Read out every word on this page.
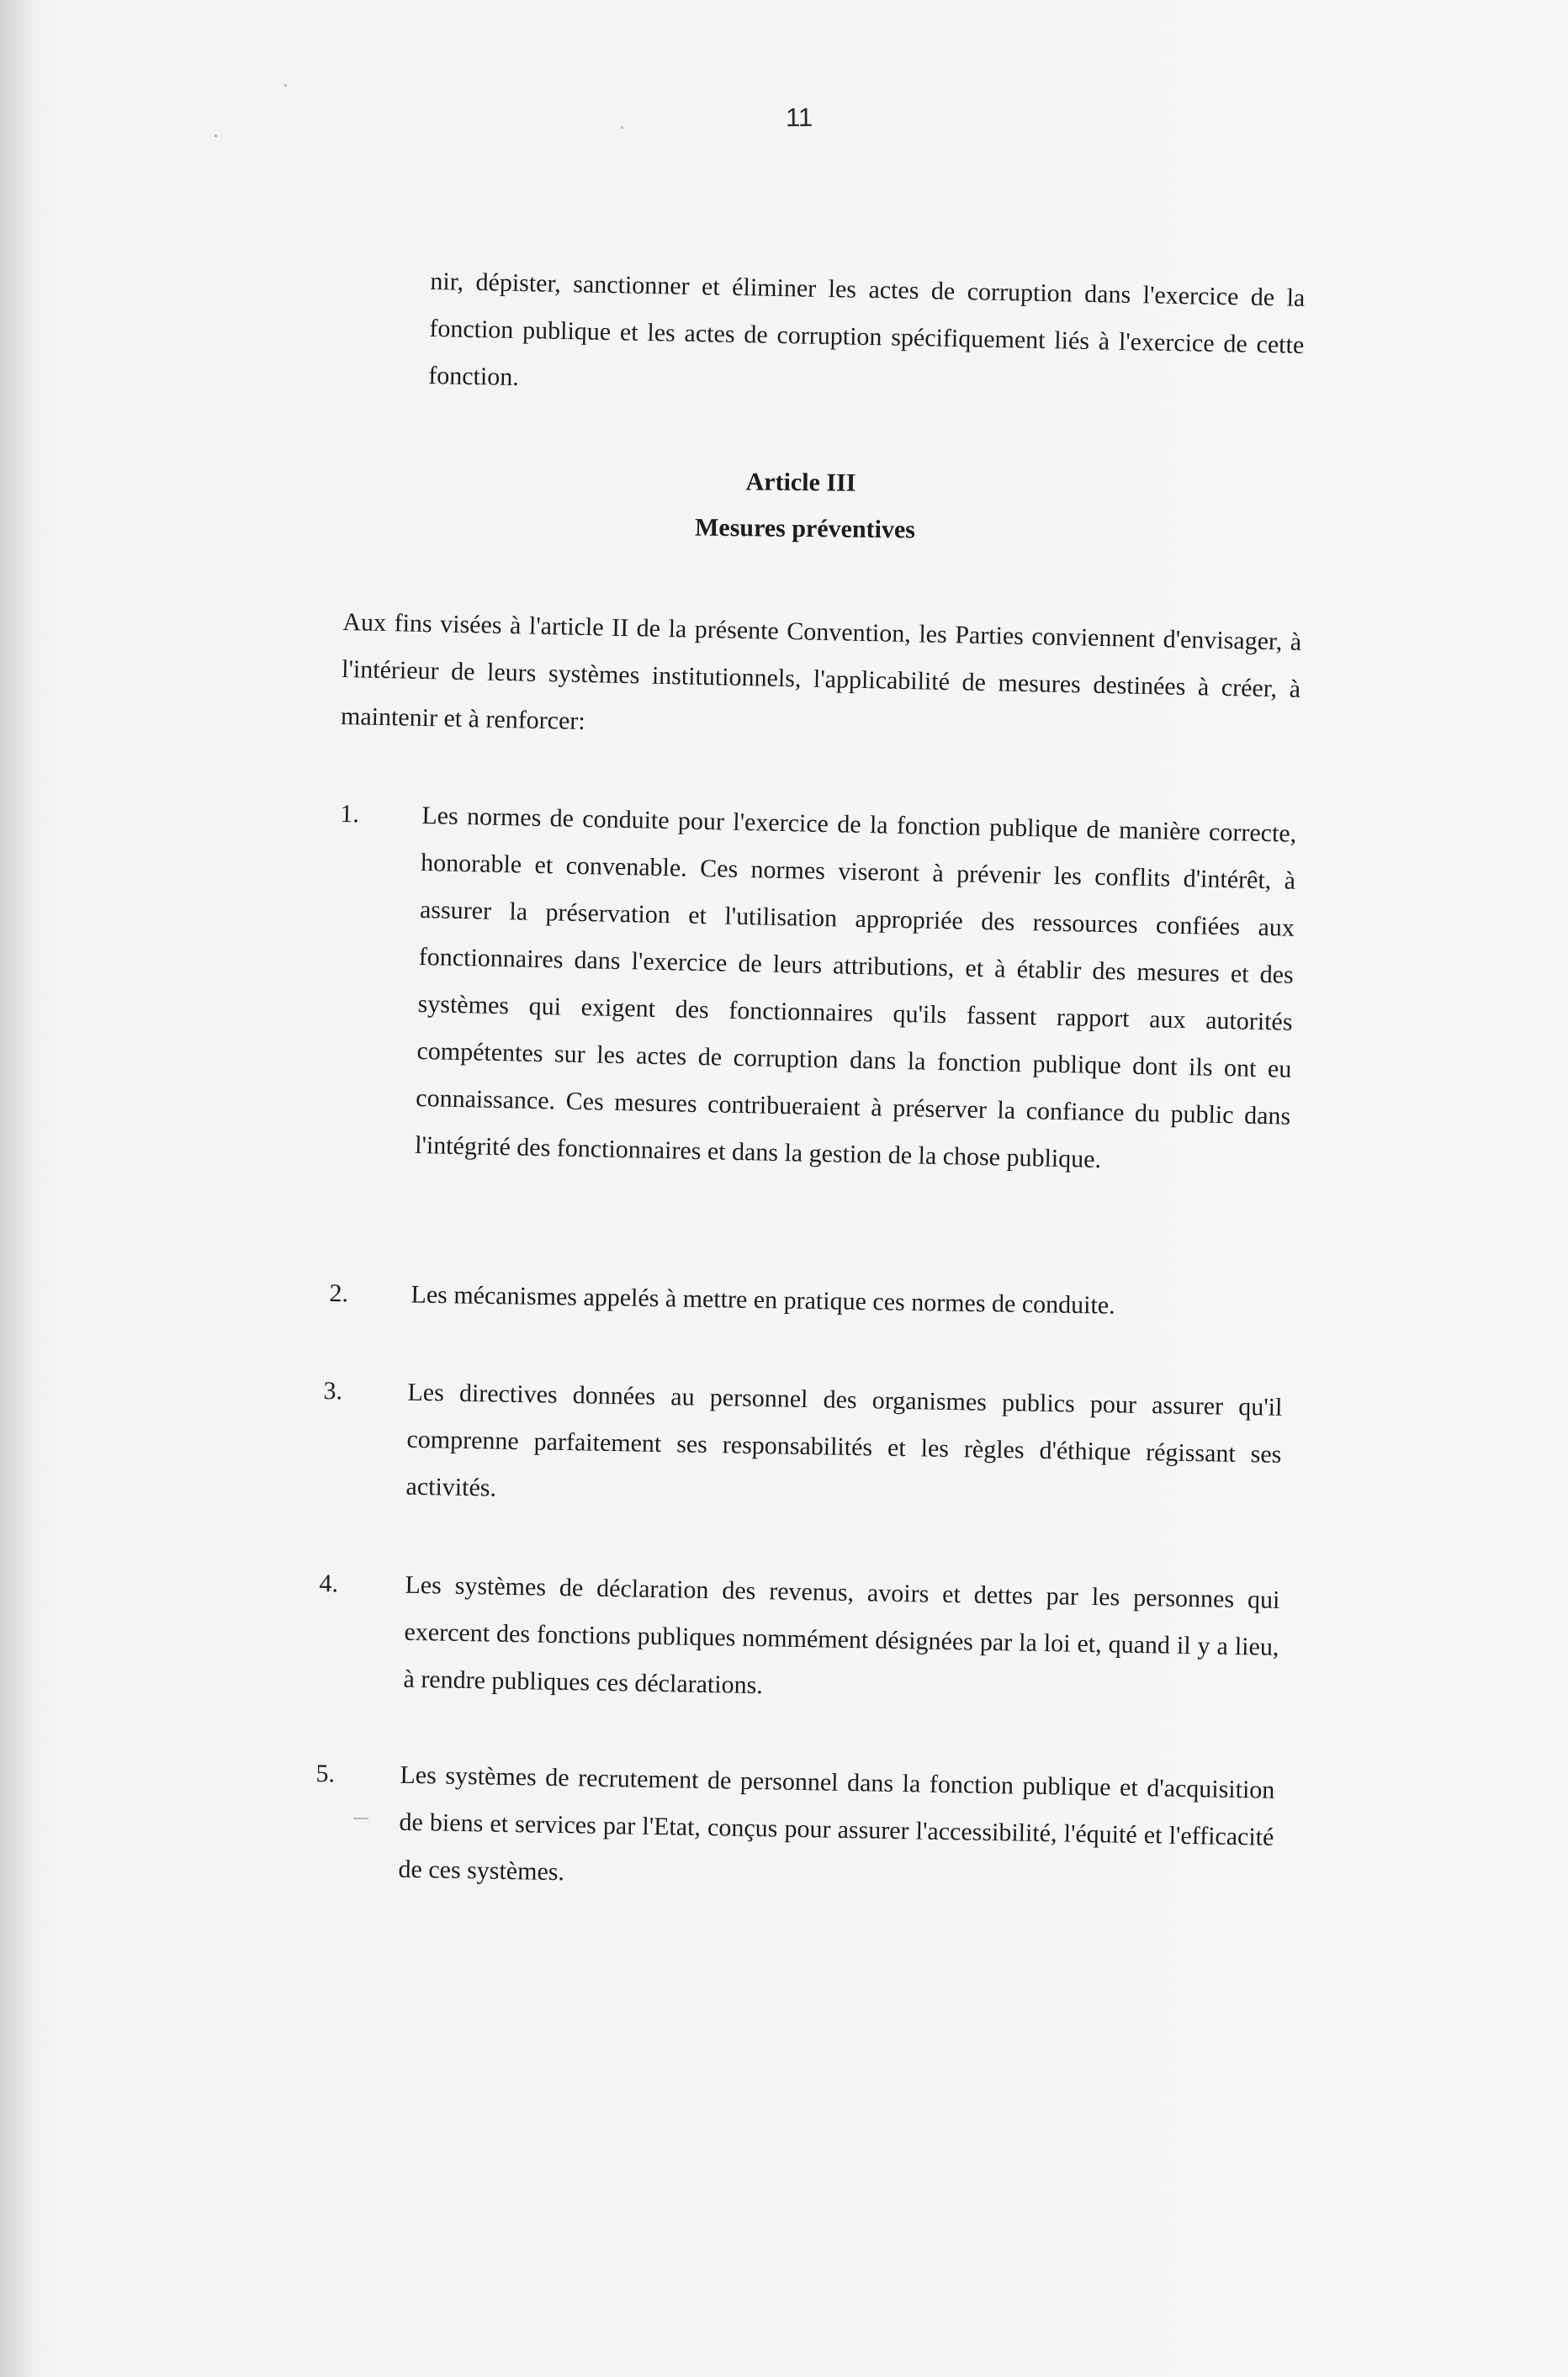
11
nir, dépister, sanctionner et éliminer les actes de corruption dans l'exercice de la fonction publique et les actes de corruption spécifiquement liés à l'exercice de cette fonction.
Article III
Mesures préventives
Aux fins visées à l'article II de la présente Convention, les Parties conviennent d'envisager, à l'intérieur de leurs systèmes institutionnels, l'applicabilité de mesures destinées à créer, à maintenir et à renforcer:
1. Les normes de conduite pour l'exercice de la fonction publique de manière correcte, honorable et convenable. Ces normes viseront à prévenir les conflits d'intérêt, à assurer la préservation et l'utilisation appropriée des ressources confiées aux fonctionnaires dans l'exercice de leurs attributions, et à établir des mesures et des systèmes qui exigent des fonctionnaires qu'ils fassent rapport aux autorités compétentes sur les actes de corruption dans la fonction publique dont ils ont eu connaissance. Ces mesures contribueraient à préserver la confiance du public dans l'intégrité des fonctionnaires et dans la gestion de la chose publique.
2. Les mécanismes appelés à mettre en pratique ces normes de conduite.
3.	Les directives données au personnel des organismes publics pour assurer qu'il comprenne parfaitement ses responsabilités et les règles d'éthique régissant ses activités.
4.	Les systèmes de déclaration des revenus, avoirs et dettes par les personnes qui exercent des fonctions publiques nommément désignées par la loi et, quand il y a lieu, à rendre publiques ces déclarations.
5.	Les systèmes de recrutement de personnel dans la fonction publique et d'acquisition de biens et services par l'Etat, conçus pour assurer l'accessibilité, l'équité et l'efficacité de ces systèmes.
